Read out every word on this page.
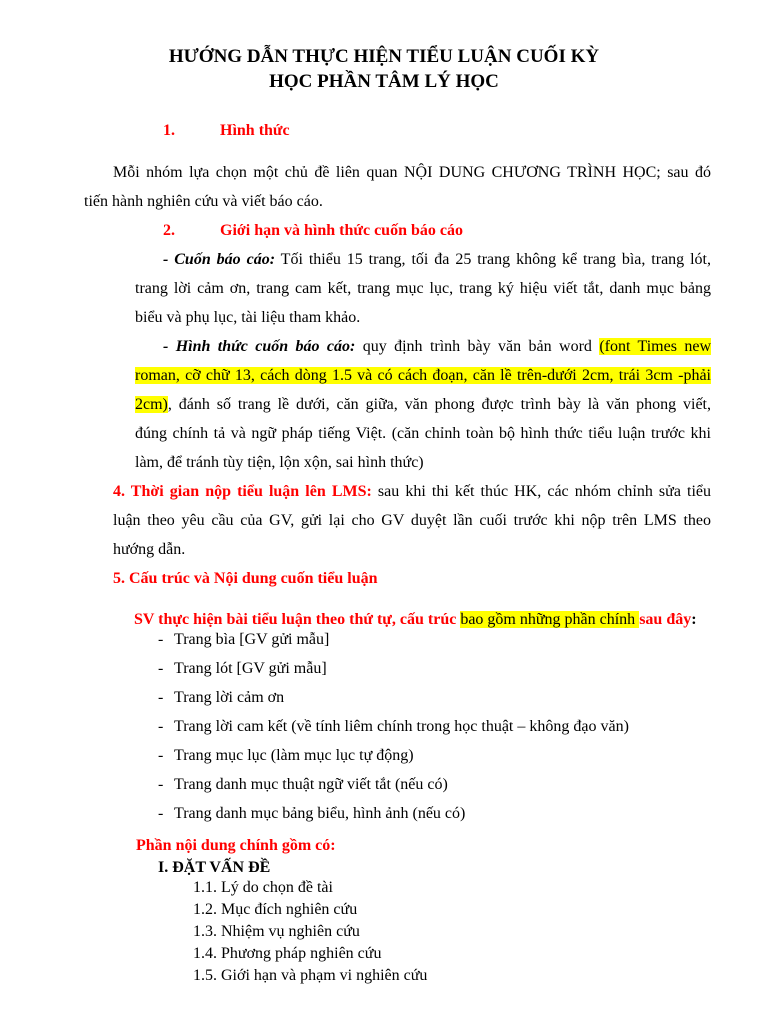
HƯỚNG DẪN THỰC HIỆN TIỂU LUẬN CUỐI KỲ
HỌC PHẦN TÂM LÝ HỌC
1.	Hình thức
Mỗi nhóm lựa chọn một chủ đề liên quan NỘI DUNG CHƯƠNG TRÌNH HỌC; sau đó
tiến hành nghiên cứu và viết báo cáo.
2.	Giới hạn và hình thức cuốn báo cáo
- Cuốn báo cáo: Tối thiểu 15 trang, tối đa 25 trang không kể trang bìa, trang lót,
trang lời cảm ơn, trang cam kết, trang mục lục, trang ký hiệu viết tắt, danh mục bảng
biểu và phụ lục, tài liệu tham khảo.
- Hình thức cuốn báo cáo: quy định trình bày văn bản word (font Times new
roman, cỡ chữ 13, cách dòng 1.5 và có cách đoạn, căn lề trên-dưới 2cm, trái 3cm -phải
2cm), đánh số trang lề dưới, căn giữa, văn phong được trình bày là văn phong viết,
đúng chính tả và ngữ pháp tiếng Việt. (căn chỉnh toàn bộ hình thức tiểu luận trước khi
làm, để tránh tùy tiện, lộn xộn, sai hình thức)
4. Thời gian nộp tiểu luận lên LMS: sau khi thi kết thúc HK, các nhóm chỉnh sửa tiểu
luận theo yêu cầu của GV, gửi lại cho GV duyệt lần cuối trước khi nộp trên LMS theo
hướng dẫn.
5. Cấu trúc và Nội dung cuốn tiểu luận
SV thực hiện bài tiểu luận theo thứ tự, cấu trúc bao gồm những phần chính sau đây:
- Trang bìa [GV gửi mẫu]
- Trang lót [GV gửi mẫu]
- Trang lời cảm ơn
- Trang lời cam kết (về tính liêm chính trong học thuật – không đạo văn)
- Trang mục lục (làm mục lục tự động)
- Trang danh mục thuật ngữ viết tắt (nếu có)
- Trang danh mục bảng biểu, hình ảnh (nếu có)
Phần nội dung chính gồm có:
I. ĐẶT VẤN ĐỀ
1.1. Lý do chọn đề tài
1.2. Mục đích nghiên cứu
1.3. Nhiệm vụ nghiên cứu
1.4. Phương pháp nghiên cứu
1.5. Giới hạn và phạm vi nghiên cứu
